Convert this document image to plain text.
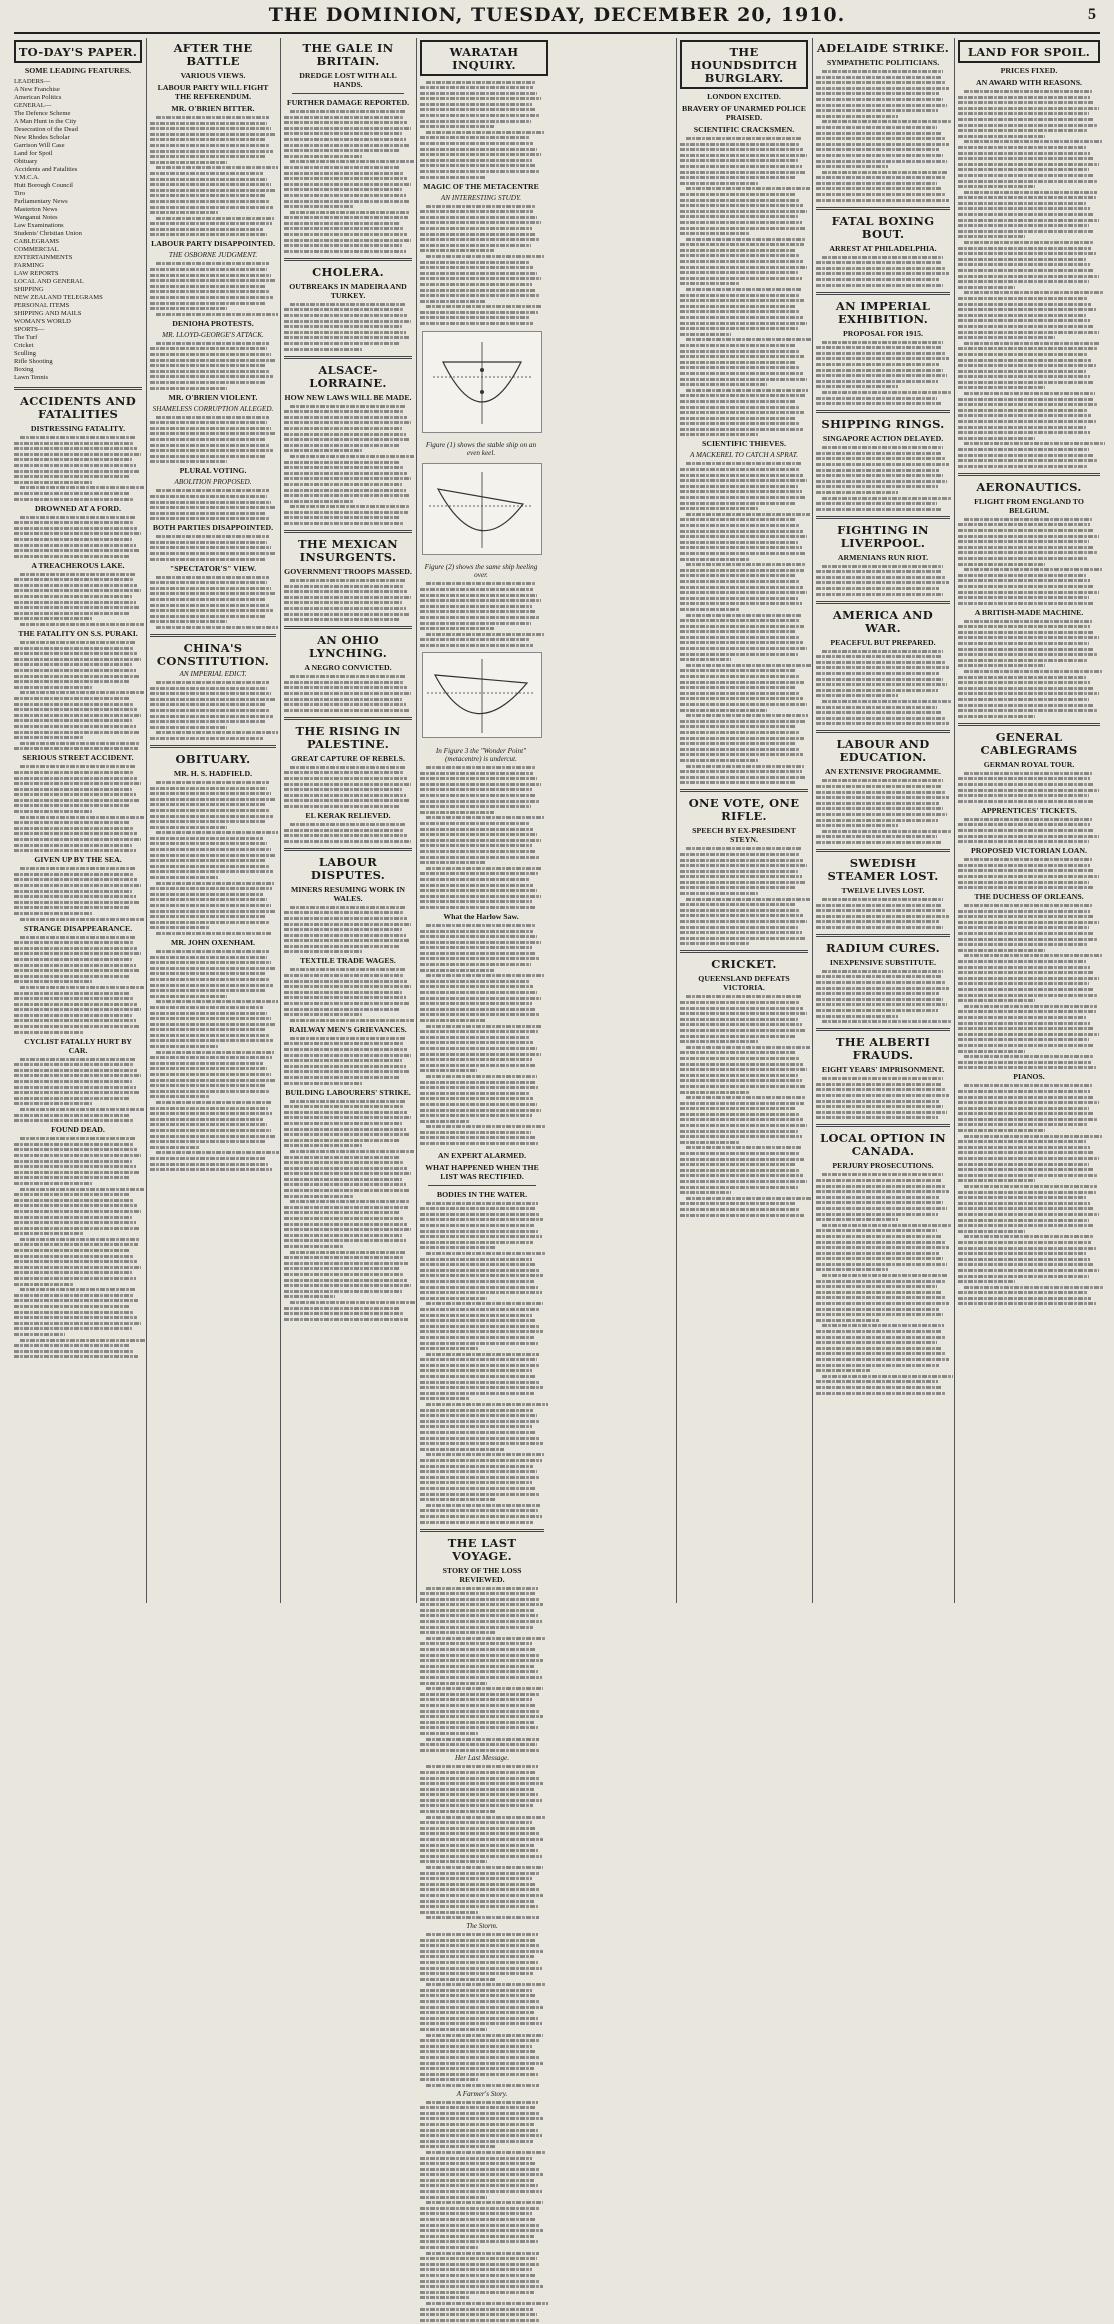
THE DOMINION, TUESDAY, DECEMBER 20, 1910.	5
TO-DAY'S PAPER.
SOME LEADING FEATURES.
LEADERS—
A New Franchise
American Politics
GENERAL—
The Defence Scheme
A Man Hunt in the City
Desecration of the Dead
New Rhodes Scholar
Garrison Will Case
Land for Spoil
Obituary
Accidents and Fatalities
Y.M.C.A.
Hutt Borough Council
Tiro
Parliamentary News
Masterton News
Wanganui Notes
Law Examinations
Students' Christian Union
CABLEGRAMS
COMMERCIAL
ENTERTAINMENTS
FARMING
LAW REPORTS
LOCAL AND GENERAL
SHIPPING
NEW ZEALAND TELEGRAMS
PERSONAL ITEMS
SHIPPING AND MAILS
WOMAN'S WORLD
SPORTS—
The Turf
Cricket
Sculling
Rifle Shooting
Boxing
Lawn Tennis
ACCIDENTS AND FATALITIES
DISTRESSING FATALITY.
DROWNED AT A FORD.
A TREACHEROUS LAKE.
THE FATALITY ON S.S. PURAKI.
SERIOUS STREET ACCIDENT.
GIVEN UP BY THE SEA.
STRANGE DISAPPEARANCE.
CYCLIST FATALLY HURT BY CAR.
FOUND DEAD.
AFTER THE BATTLE
VARIOUS VIEWS.
LABOUR PARTY WILL FIGHT THE REFERENDUM.
MR. O'BRIEN BITTER.
LABOUR PARTY DISAPPOINTED.
THE OSBORNE JUDGMENT.
DENIOHA PROTESTS.
MR. LLOYD-GEORGE'S ATTACK.
MR. O'BRIEN VIOLENT.
SHAMELESS CORRUPTION ALLEGED.
PLURAL VOTING.
ABOLITION PROPOSED.
BOTH PARTIES DISAPPOINTED.
"SPECTATOR'S" VIEW.
CHINA'S CONSTITUTION.
AN IMPERIAL EDICT.
OBITUARY.
MR. H. S. HADFIELD.
MR. JOHN OXENHAM.
THE GALE IN BRITAIN.
DREDGE LOST WITH ALL HANDS.
FURTHER DAMAGE REPORTED.
CHOLERA.
OUTBREAKS IN MADEIRA AND TURKEY.
ALSACE-LORRAINE.
HOW NEW LAWS WILL BE MADE.
THE MEXICAN INSURGENTS.
GOVERNMENT TROOPS MASSED.
AN OHIO LYNCHING.
A NEGRO CONVICTED.
THE RISING IN PALESTINE.
GREAT CAPTURE OF REBELS.
EL KERAK RELIEVED.
LABOUR DISPUTES.
MINERS RESUMING WORK IN WALES.
TEXTILE TRADE WAGES.
RAILWAY MEN'S GRIEVANCES.
BUILDING LABOURERS' STRIKE.
WARATAH INQUIRY.
MAGIC OF THE METACENTRE
AN INTERESTING STUDY.
Figure (1) shows the stable ship on an even keel.
Figure (2) shows the same ship heeling over.
In Figure 3 the "Wonder Point" (metacentre) is undercut.
What the Harlow Saw.
AN EXPERT ALARMED.
WHAT HAPPENED WHEN THE LIST WAS RECTIFIED.
BODIES IN THE WATER.
THE LAST VOYAGE.
STORY OF THE LOSS REVIEWED.
Her Last Message.
The Storm.
A Farmer's Story.
THE HOUNDSDITCH BURGLARY.
LONDON EXCITED.
BRAVERY OF UNARMED POLICE PRAISED.
SCIENTIFIC CRACKSMEN.
SCIENTIFIC THIEVES.
A MACKEREL TO CATCH A SPRAT.
ONE VOTE, ONE RIFLE.
SPEECH BY EX-PRESIDENT STEYN.
CRICKET.
QUEENSLAND DEFEATS VICTORIA.
ADELAIDE STRIKE.
SYMPATHETIC POLITICIANS.
FATAL BOXING BOUT.
ARREST AT PHILADELPHIA.
AN IMPERIAL EXHIBITION.
PROPOSAL FOR 1915.
SHIPPING RINGS.
SINGAPORE ACTION DELAYED.
FIGHTING IN LIVERPOOL.
ARMENIANS RUN RIOT.
AMERICA AND WAR.
PEACEFUL BUT PREPARED.
LABOUR AND EDUCATION.
AN EXTENSIVE PROGRAMME.
SWEDISH STEAMER LOST.
TWELVE LIVES LOST.
RADIUM CURES.
INEXPENSIVE SUBSTITUTE.
THE ALBERTI FRAUDS.
EIGHT YEARS' IMPRISONMENT.
LOCAL OPTION IN CANADA.
PERJURY PROSECUTIONS.
LAND FOR SPOIL.
PRICES FIXED.
AN AWARD WITH REASONS.
AERONAUTICS.
FLIGHT FROM ENGLAND TO BELGIUM.
A BRITISH-MADE MACHINE.
GENERAL CABLEGRAMS
GERMAN ROYAL TOUR.
APPRENTICES' TICKETS.
PROPOSED VICTORIAN LOAN.
THE DUCHESS OF ORLEANS.
PIANOS.
